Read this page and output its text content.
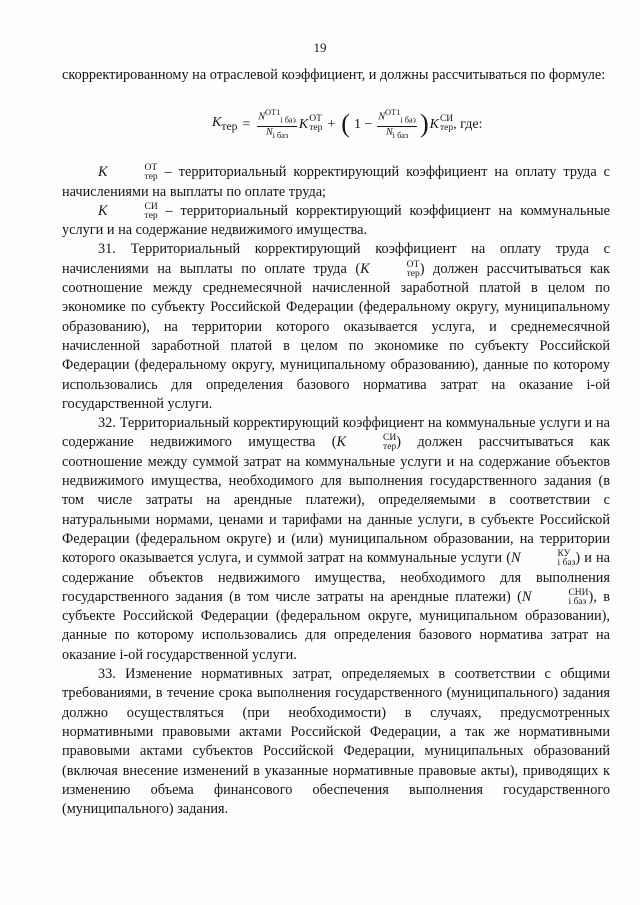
19

скорректированному на отраслевой коэффициент, и должны рассчитываться по формуле:

$K_{тер} = \frac{N^{ОТ1}_{i баз}}{N_{i баз}}$ K ОТ
тер + ( $1 - \frac{N^{ОТ1}_{i баз}}{N_{i баз}}$ ) K СИ
тер , где:

K	ОТ
тер – территориальный корректирующий коэффициент на оплату труда с начислениями на выплаты по оплате труда;

K	СИ
тер – территориальный корректирующий коэффициент на коммунальные услуги и на содержание недвижимого имущества.

31. Территориальный корректирующий коэффициент на оплату труда с начислениями на выплаты по оплате труда (K	ОТ
тер ) должен рассчитываться как соотношение между среднемесячной начисленной заработной платой в целом по экономике по субъекту Российской Федерации (федеральному округу, муниципальному образованию), на территории которого оказывается услуга, и среднемесячной начисленной заработной платой в целом по экономике по субъекту Российской Федерации (федеральному округу, муниципальному образованию), данные по которому использовались для определения базового норматива затрат на оказание i-ой государственной услуги.

32. Территориальный корректирующий коэффициент на коммунальные услуги и на содержание недвижимого имущества (K	СИ
тер ) должен рассчитываться как соотношение между суммой затрат на коммунальные услуги и на содержание объектов недвижимого имущества, необходимого для выполнения государственного задания (в том числе затраты на арендные платежи), определяемыми в соответствии с натуральными нормами, ценами и тарифами на данные услуги, в субъекте Российской Федерации (федеральном округе) и (или) муниципальном образовании, на территории которого оказывается услуга, и суммой затрат на коммунальные услуги (N	КУ
i баз ) и на содержание объектов недвижимого имущества, необходимого для выполнения государственного задания (в том числе затраты на арендные платежи) (N	СНИ
i баз ), в субъекте Российской Федерации (федеральном округе, муниципальном образовании), данные по которому использовались для определения базового норматива затрат на оказание i-ой государственной услуги.

33. Изменение нормативных затрат, определяемых в соответствии с общими требованиями, в течение срока выполнения государственного (муниципального) задания должно осуществляться (при необходимости) в случаях, предусмотренных нормативными правовыми актами Российской Федерации, а так же нормативными правовыми актами субъектов Российской Федерации, муниципальных образований (включая внесение изменений в указанные нормативные правовые акты), приводящих к изменению объема финансового обеспечения выполнения государственного (муниципального) задания.
